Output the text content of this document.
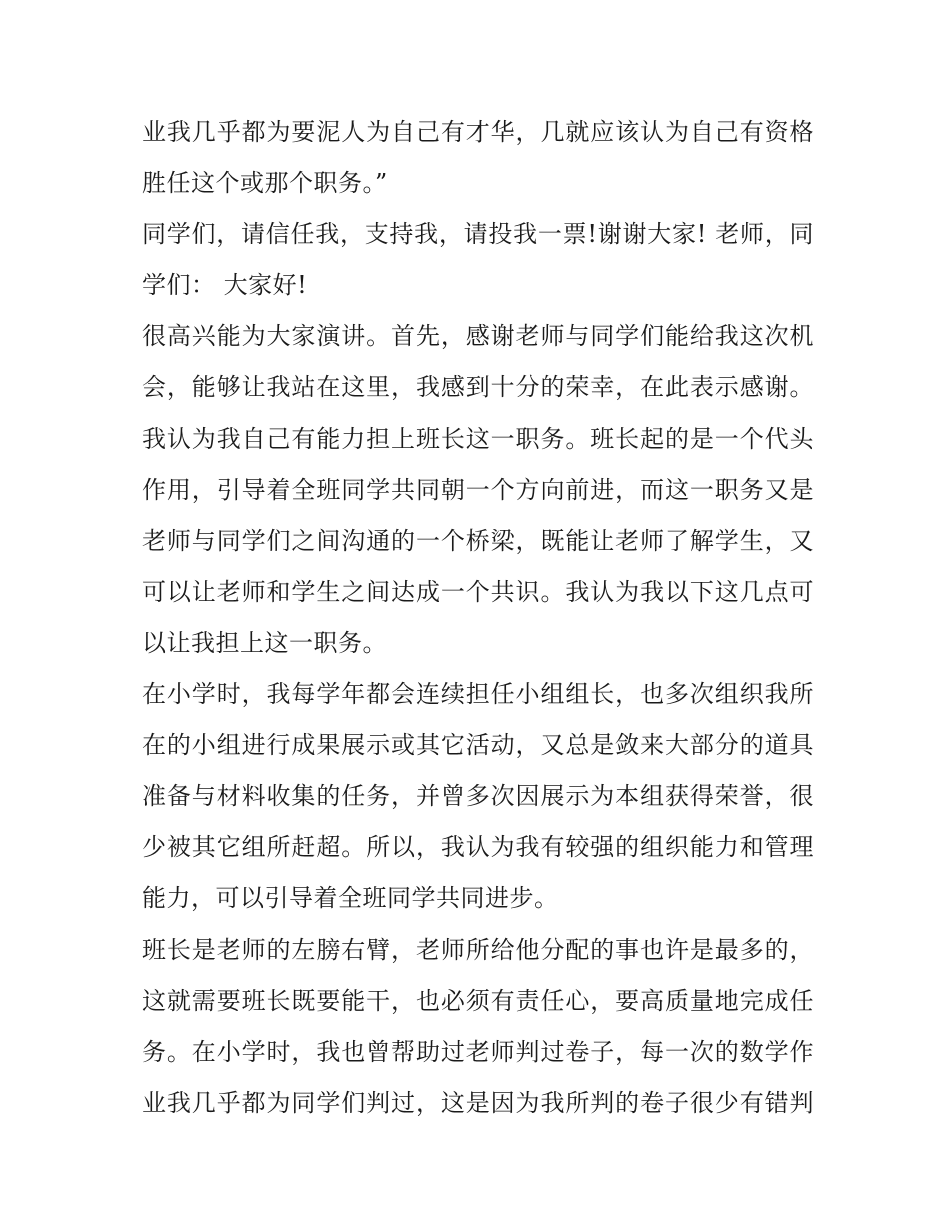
业我几乎都为要泥人为自己有才华，几就应该认为自己有资格
胜任这个或那个职务。”
同学们，请信任我，支持我，请投我一票!谢谢大家! 老师，同
学们： 大家好!
很高兴能为大家演讲。首先，感谢老师与同学们能给我这次机
会，能够让我站在这里，我感到十分的荣幸，在此表示感谢。
我认为我自己有能力担上班长这一职务。班长起的是一个代头
作用，引导着全班同学共同朝一个方向前进，而这一职务又是
老师与同学们之间沟通的一个桥梁，既能让老师了解学生，又
可以让老师和学生之间达成一个共识。我认为我以下这几点可
以让我担上这一职务。
在小学时，我每学年都会连续担任小组组长，也多次组织我所
在的小组进行成果展示或其它活动，又总是敛来大部分的道具
准备与材料收集的任务，并曾多次因展示为本组获得荣誉，很
少被其它组所赶超。所以，我认为我有较强的组织能力和管理
能力，可以引导着全班同学共同进步。
班长是老师的左膀右臂，老师所给他分配的事也许是最多的，
这就需要班长既要能干，也必须有责任心，要高质量地完成任
务。在小学时，我也曾帮助过老师判过卷子，每一次的数学作
业我几乎都为同学们判过，这是因为我所判的卷子很少有错判
